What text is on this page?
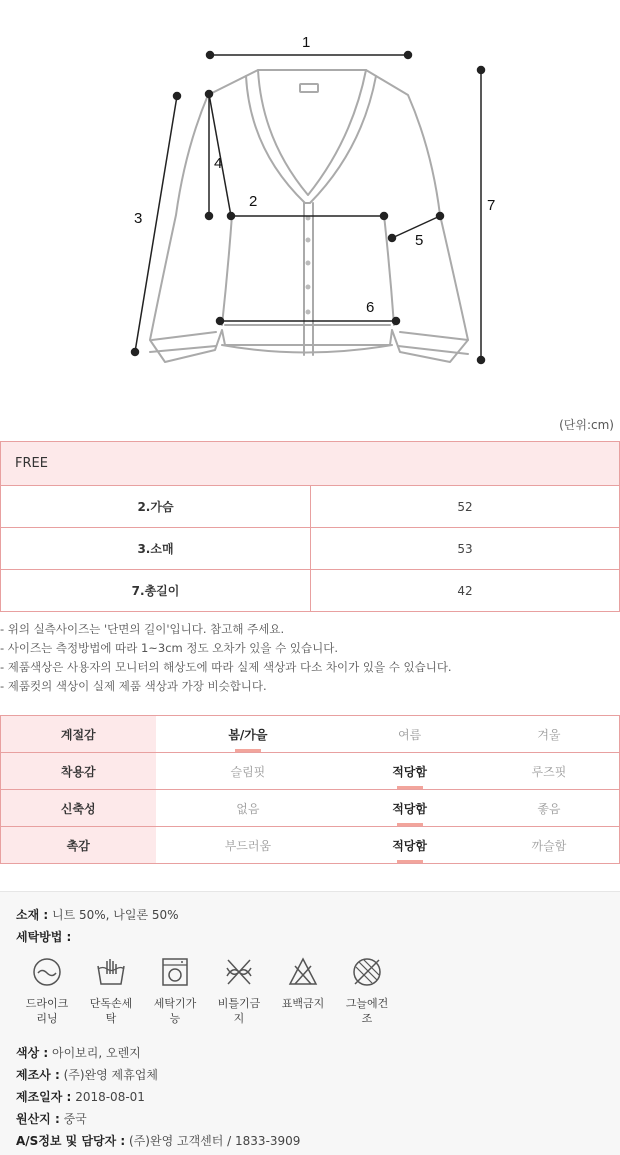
1
2
3
4
5
6
7
(단위:cm)
FREE	
2.가슴	52
3.소매	53
7.총길이	42
- 위의 실측사이즈는 '단면의 길이'입니다. 참고해 주세요.
- 사이즈는 측정방법에 따라 1~3cm 정도 오차가 있을 수 있습니다.
- 제품색상은 사용자의 모니터의 해상도에 따라 실제 색상과 다소 차이가 있을 수 있습니다.
- 제품컷의 색상이 실제 제품 색상과 가장 비슷합니다.
계절감	봄/가을	여름	겨울
착용감	슬림핏	적당함	루즈핏
신축성	없음	적당함	좋음
촉감	부드러움	적당함	까슬함
소재 : 니트 50%, 나일론 50%
세탁방법 :
드라이크 리닝
단독손세 탁
세탁기가 능
비틀기금 지
표백금지 그늘에건 조
색상 : 아이보리, 오렌지
제조사 : (주)완영 제휴업체
제조일자 : 2018-08-01
원산지 : 중국
A/S정보 및 담당자 : (주)완영 고객센터 / 1833-3909
